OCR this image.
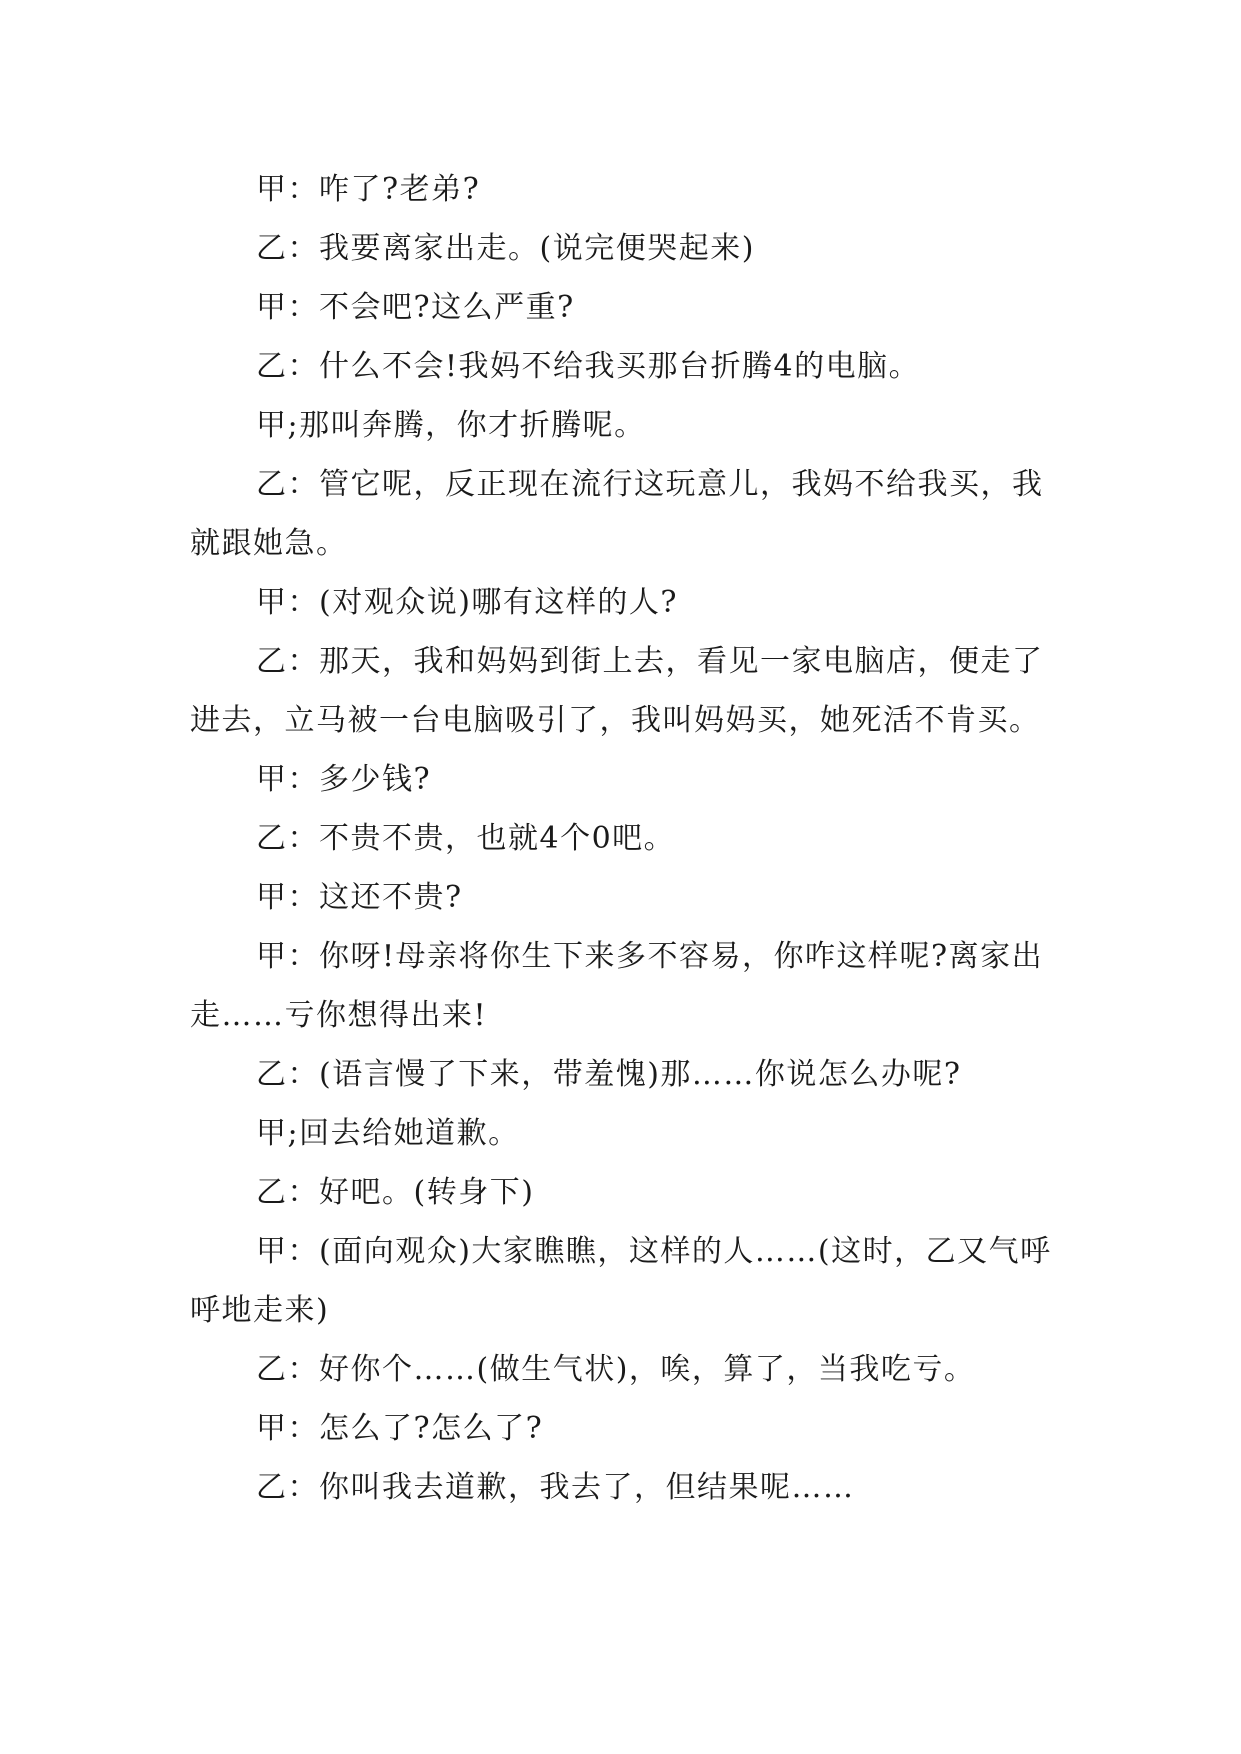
甲：咋了?老弟?

乙：我要离家出走。(说完便哭起来)

甲：不会吧?这么严重?

乙：什么不会!我妈不给我买那台折腾4的电脑。

甲;那叫奔腾，你才折腾呢。

乙：管它呢，反正现在流行这玩意儿，我妈不给我买，我就跟她急。

甲：(对观众说)哪有这样的人?

乙：那天，我和妈妈到街上去，看见一家电脑店，便走了进去，立马被一台电脑吸引了，我叫妈妈买，她死活不肯买。

甲：多少钱?

乙：不贵不贵，也就4个0吧。

甲：这还不贵?

甲：你呀!母亲将你生下来多不容易，你咋这样呢?离家出走……亏你想得出来!

乙：(语言慢了下来，带羞愧)那……你说怎么办呢?

甲;回去给她道歉。

乙：好吧。(转身下)

甲：(面向观众)大家瞧瞧，这样的人……(这时，乙又气呼呼地走来)

乙：好你个……(做生气状)，唉，算了，当我吃亏。

甲：怎么了?怎么了?

乙：你叫我去道歉，我去了，但结果呢……
